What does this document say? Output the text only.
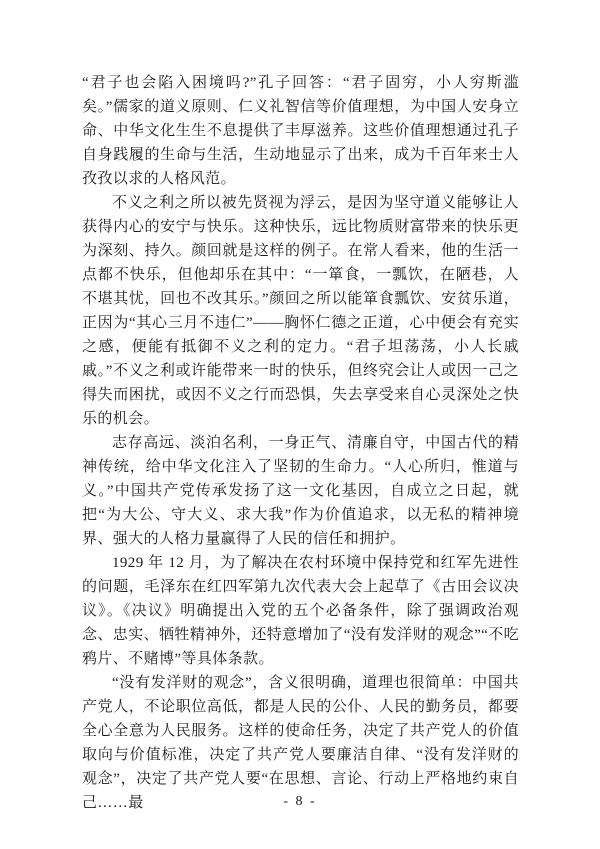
“君子也会陷入困境吗?”孔子回答：“君子固穷，小人穷斯滥矣。”儒家的道义原则、仁义礼智信等价值理想，为中国人安身立命、中华文化生生不息提供了丰厚滋养。这些价值理想通过孔子自身践履的生命与生活，生动地显示了出来，成为千百年来士人孜孜以求的人格风范。

不义之利之所以被先贤视为浮云，是因为坚守道义能够让人获得内心的安宁与快乐。这种快乐，远比物质财富带来的快乐更为深刻、持久。颜回就是这样的例子。在常人看来，他的生活一点都不快乐，但他却乐在其中：“一箪食，一瓢饮，在陋巷，人不堪其忧，回也不改其乐。”颜回之所以能箪食瓢饮、安贫乐道，正因为“其心三月不违仁”——胸怀仁德之正道，心中便会有充实之感，便能有抵御不义之利的定力。“君子坦荡荡，小人长戚戚。”不义之利或许能带来一时的快乐，但终究会让人或因一己之得失而困扰，或因不义之行而恐惧，失去享受来自心灵深处之快乐的机会。

志存高远、淡泊名利，一身正气、清廉自守，中国古代的精神传统，给中华文化注入了坚韧的生命力。“人心所归，惟道与义。”中国共产党传承发扬了这一文化基因，自成立之日起，就把“为大公、守大义、求大我”作为价值追求，以无私的精神境界、强大的人格力量赢得了人民的信任和拥护。

1929 年 12 月，为了解决在农村环境中保持党和红军先进性的问题，毛泽东在红四军第九次代表大会上起草了《古田会议决议》。《决议》明确提出入党的五个必备条件，除了强调政治观念、忠实、牺牲精神外，还特意增加了“没有发洋财的观念”“不吃鸦片、不赌博”等具体条款。

“没有发洋财的观念”，含义很明确，道理也很简单：中国共产党人，不论职位高低，都是人民的公仆、人民的勤务员，都要全心全意为人民服务。这样的使命任务，决定了共产党人的价值取向与价值标准，决定了共产党人要廉洁自律、“没有发洋财的观念”，决定了共产党人要“在思想、言论、行动上严格地约束自己……最	- 8 -
